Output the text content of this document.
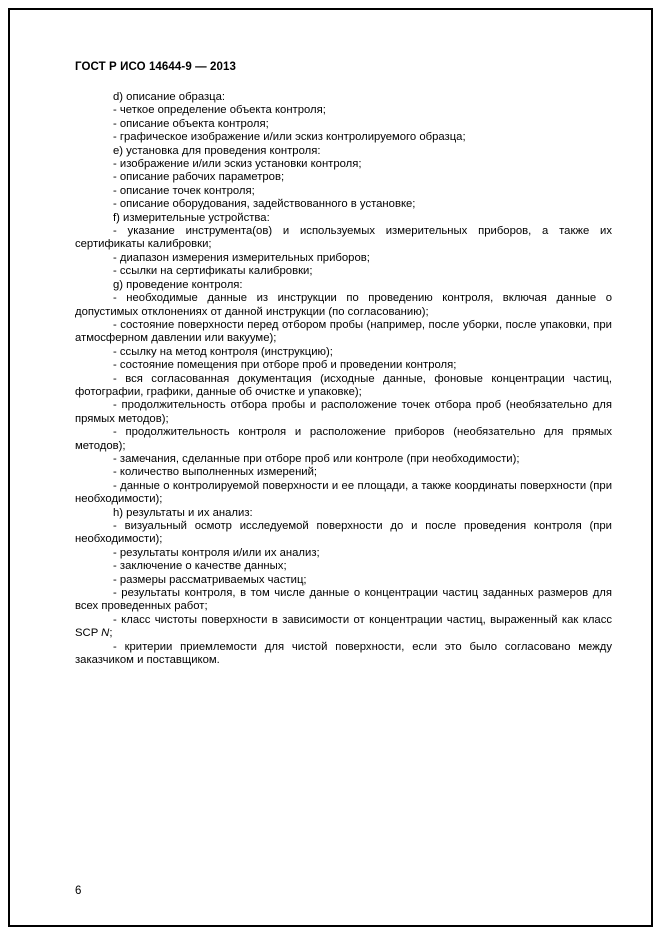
ГОСТ Р ИСО 14644-9 — 2013

d) описание образца:

- четкое определение объекта контроля;

- описание объекта контроля;

- графическое изображение и/или эскиз контролируемого образца;

e) установка для проведения контроля:

- изображение и/или эскиз установки контроля;

- описание рабочих параметров;

- описание точек контроля;

- описание оборудования, задействованного в установке;

f) измерительные устройства:

- указание инструмента(ов) и используемых измерительных приборов, а также их сертификаты калибровки;

- диапазон измерения измерительных приборов;

- ссылки на сертификаты калибровки;

g) проведение контроля:

- необходимые данные из инструкции по проведению контроля, включая данные о допустимых отклонениях от данной инструкции (по согласованию);

- состояние поверхности перед отбором пробы (например, после уборки, после упаковки, при атмосферном давлении или вакууме);

- ссылку на метод контроля (инструкцию);

- состояние помещения при отборе проб и проведении контроля;

- вся согласованная документация (исходные данные, фоновые концентрации частиц, фотографии, графики, данные об очистке и упаковке);

- продолжительность отбора пробы и расположение точек отбора проб (необязательно для прямых методов);

- продолжительность контроля и расположение приборов (необязательно для прямых методов);

- замечания, сделанные при отборе проб или контроле (при необходимости);

- количество выполненных измерений;

- данные о контролируемой поверхности и ее площади, а также координаты поверхности (при необходимости);

h) результаты и их анализ:

- визуальный осмотр исследуемой поверхности до и после проведения контроля (при необходимости);

- результаты контроля и/или их анализ;

- заключение о качестве данных;

- размеры рассматриваемых частиц;

- результаты контроля, в том числе данные о концентрации частиц заданных размеров для всех проведенных работ;

- класс чистоты поверхности в зависимости от концентрации частиц, выраженный как класс SCP N;

- критерии приемлемости для чистой поверхности, если это было согласовано между заказчиком и поставщиком.

6
